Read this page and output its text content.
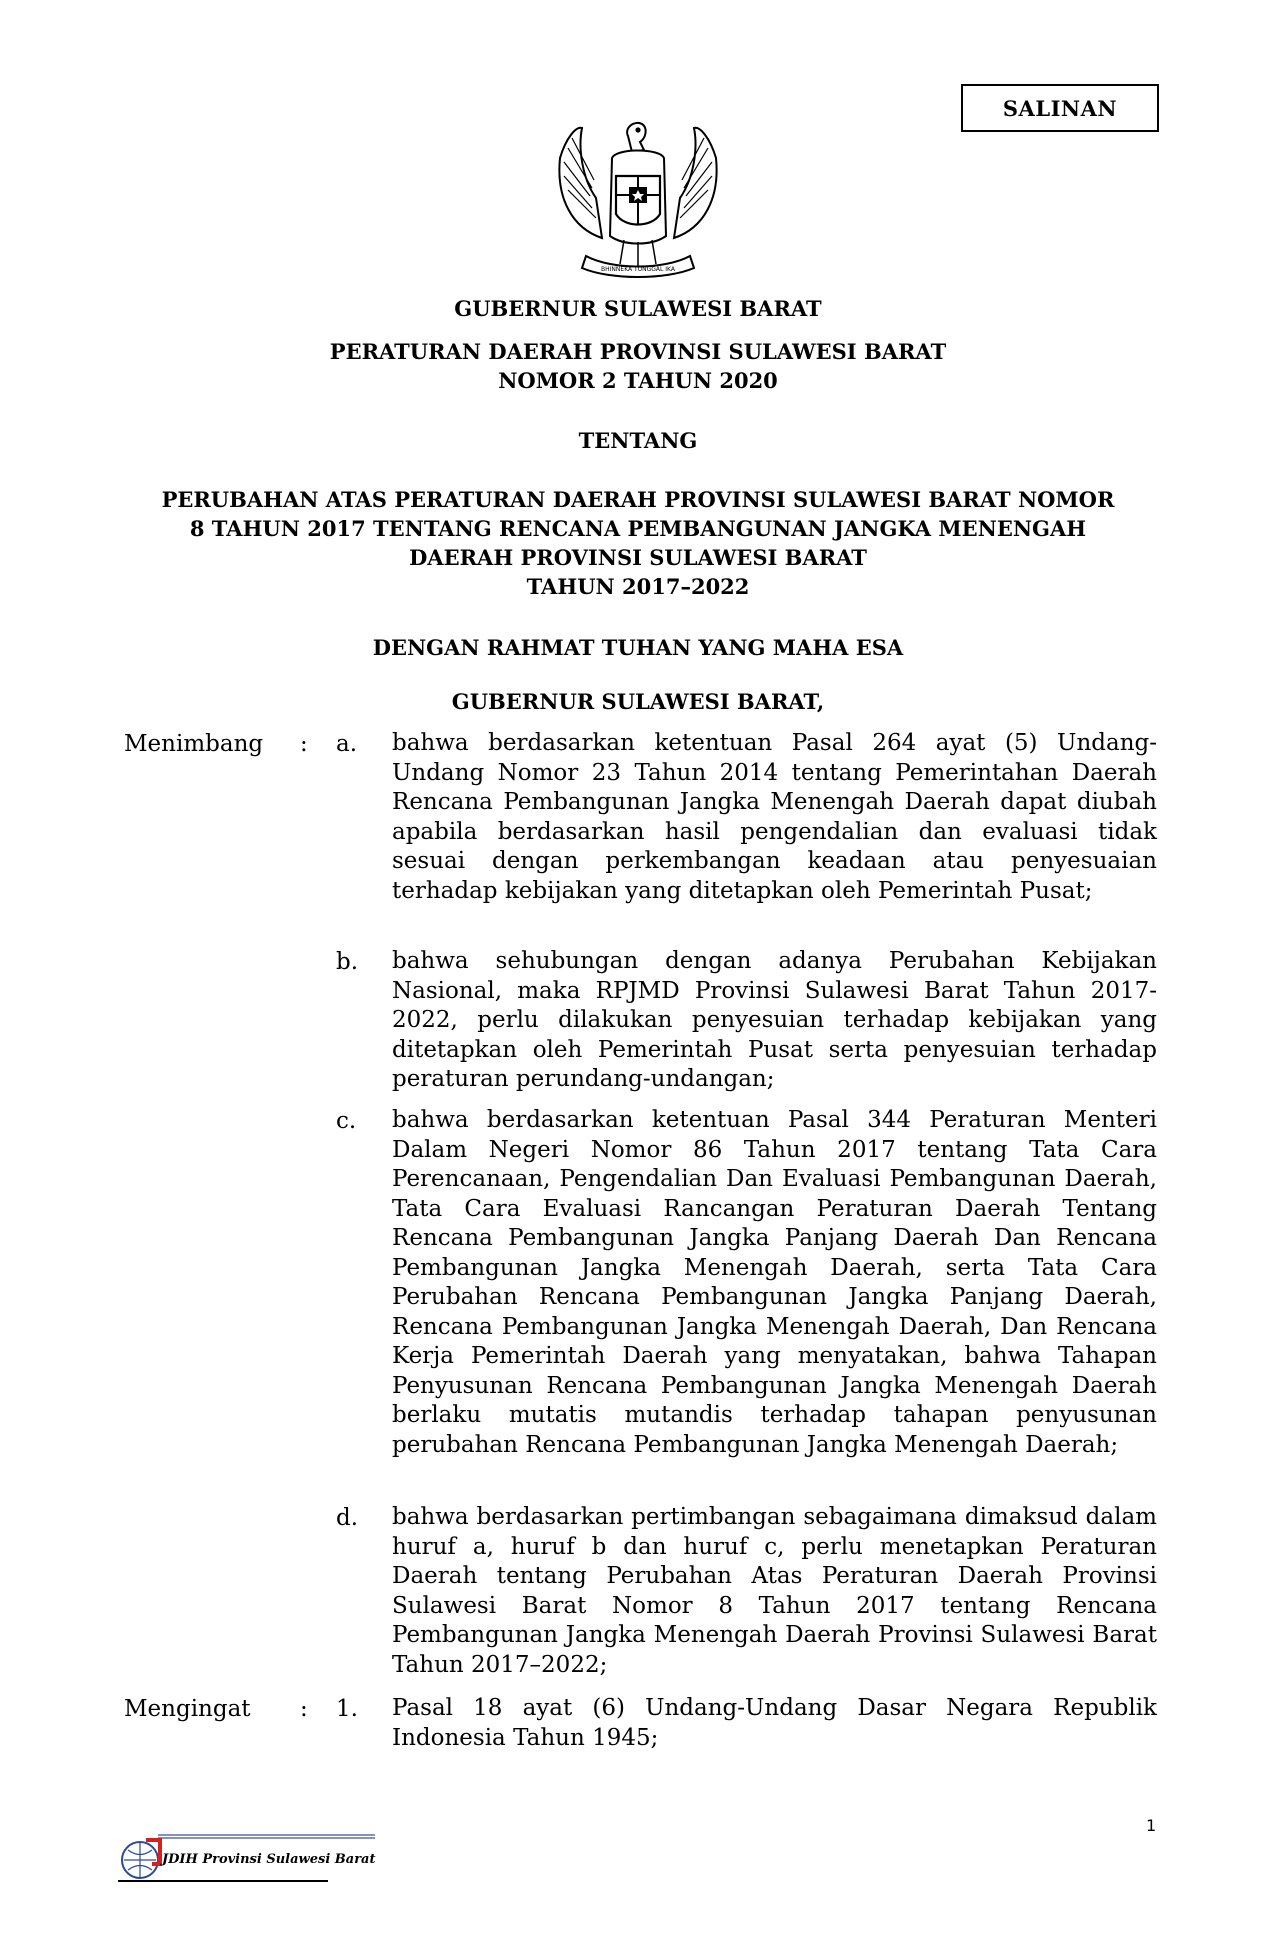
SALINAN
BHINNEKA TUNGGAL IKA
GUBERNUR SULAWESI BARAT
PERATURAN DAERAH PROVINSI SULAWESI BARAT
NOMOR 2 TAHUN 2020
TENTANG
PERUBAHAN ATAS PERATURAN DAERAH PROVINSI SULAWESI BARAT NOMOR
8 TAHUN 2017 TENTANG RENCANA PEMBANGUNAN JANGKA MENENGAH
DAERAH PROVINSI SULAWESI BARAT
TAHUN 2017–2022
DENGAN RAHMAT TUHAN YANG MAHA ESA
GUBERNUR SULAWESI BARAT,
Menimbang : a. bahwa berdasarkan ketentuan Pasal 264 ayat (5) Undang-Undang Nomor 23 Tahun 2014 tentang Pemerintahan Daerah Rencana Pembangunan Jangka Menengah Daerah dapat diubah apabila berdasarkan hasil pengendalian dan evaluasi tidak sesuai dengan perkembangan keadaan atau penyesuaian terhadap kebijakan yang ditetapkan oleh Pemerintah Pusat;
b. bahwa sehubungan dengan adanya Perubahan Kebijakan Nasional, maka RPJMD Provinsi Sulawesi Barat Tahun 2017-2022, perlu dilakukan penyesuian terhadap kebijakan yang ditetapkan oleh Pemerintah Pusat serta penyesuian terhadap peraturan perundang-undangan;
c. bahwa berdasarkan ketentuan Pasal 344 Peraturan Menteri Dalam Negeri Nomor 86 Tahun 2017 tentang Tata Cara Perencanaan, Pengendalian Dan Evaluasi Pembangunan Daerah, Tata Cara Evaluasi Rancangan Peraturan Daerah Tentang Rencana Pembangunan Jangka Panjang Daerah Dan Rencana Pembangunan Jangka Menengah Daerah, serta Tata Cara Perubahan Rencana Pembangunan Jangka Panjang Daerah, Rencana Pembangunan Jangka Menengah Daerah, Dan Rencana Kerja Pemerintah Daerah yang menyatakan, bahwa Tahapan Penyusunan Rencana Pembangunan Jangka Menengah Daerah berlaku mutatis mutandis terhadap tahapan penyusunan perubahan Rencana Pembangunan Jangka Menengah Daerah;
d. bahwa berdasarkan pertimbangan sebagaimana dimaksud dalam huruf a, huruf b dan huruf c, perlu menetapkan Peraturan Daerah tentang Perubahan Atas Peraturan Daerah Provinsi Sulawesi Barat Nomor 8 Tahun 2017 tentang Rencana Pembangunan Jangka Menengah Daerah Provinsi Sulawesi Barat Tahun 2017–2022;
Mengingat : 1. Pasal 18 ayat (6) Undang-Undang Dasar Negara Republik Indonesia Tahun 1945;
1
JDIH Provinsi Sulawesi Barat
